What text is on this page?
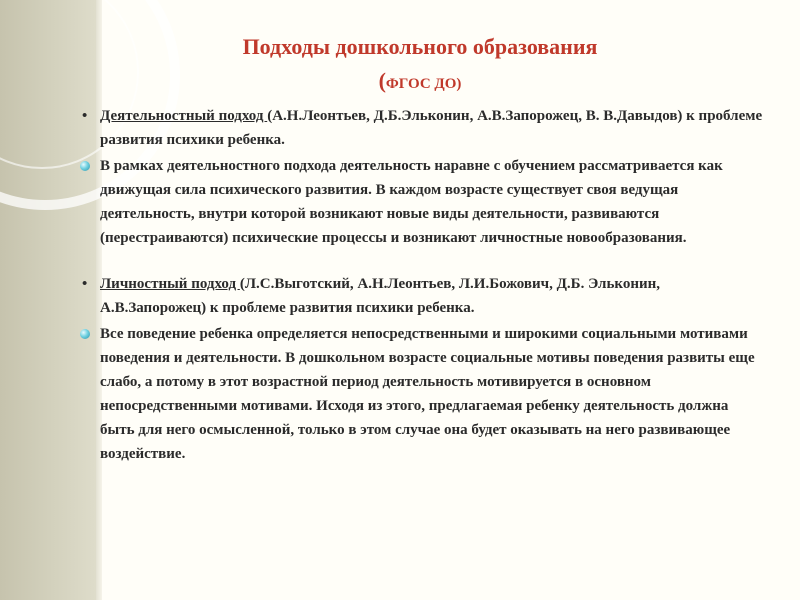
Подходы дошкольного образования
(ФГОС ДО)

• Деятельностный подход (А.Н.Леонтьев, Д.Б.Эльконин, А.В.Запорожец, В. В.Давыдов) к проблеме развития психики ребенка.

В рамках деятельностного подхода деятельность наравне с обучением рассматривается как движущая сила психического развития. В каждом возрасте существует своя ведущая деятельность, внутри которой возникают новые виды деятельности, развиваются (перестраиваются) психические процессы и возникают личностные новообразования.

• Личностный подход (Л.С.Выготский, А.Н.Леонтьев, Л.И.Божович, Д.Б. Эльконин, А.В.Запорожец) к проблеме развития психики ребенка.

Все поведение ребенка определяется непосредственными и широкими социальными мотивами поведения и деятельности. В дошкольном возрасте социальные мотивы поведения развиты еще слабо, а потому в этот возрастной период деятельность мотивируется в основном непосредственными мотивами. Исходя из этого, предлагаемая ребенку деятельность должна быть для него осмысленной, только в этом случае она будет оказывать на него развивающее воздействие.
